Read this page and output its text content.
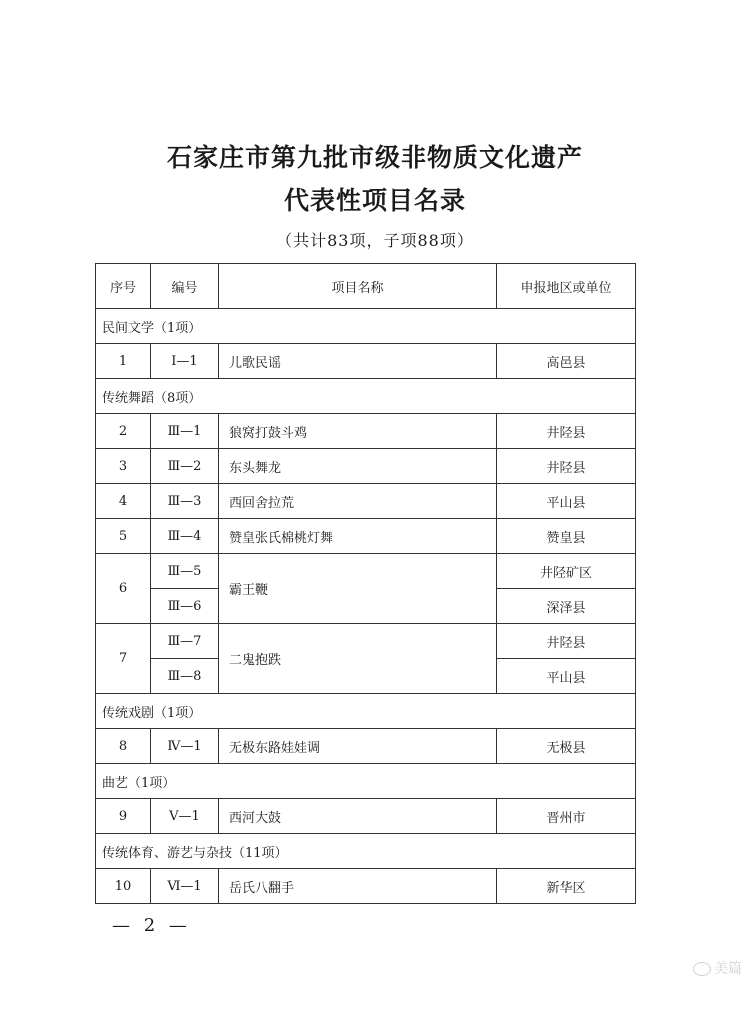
石家庄市第九批市级非物质文化遗产
代表性项目名录
（共计83项，子项88项）
序号	编号	项目名称	申报地区或单位
民间文学（1项）			
1	Ⅰ—1	儿歌民谣	高邑县
传统舞蹈（8项）			
2	Ⅲ—1	狼窝打鼓斗鸡	井陉县
3	Ⅲ—2	东头舞龙	井陉县
4	Ⅲ—3	西回舍拉荒	平山县
5	Ⅲ—4	赞皇张氏棉桃灯舞	赞皇县
6	Ⅲ—5	霸王鞭	井陉矿区
	Ⅲ—6		深泽县
7	Ⅲ—7	二鬼抱跌	井陉县
	Ⅲ—8		平山县
传统戏剧（1项）			
8	Ⅳ—1	无极东路娃娃调	无极县
曲艺（1项）			
9	Ⅴ—1	西河大鼓	晋州市
传统体育、游艺与杂技（11项）			
10	Ⅵ—1	岳氏八翻手	新华区
— 2 —
美篇
